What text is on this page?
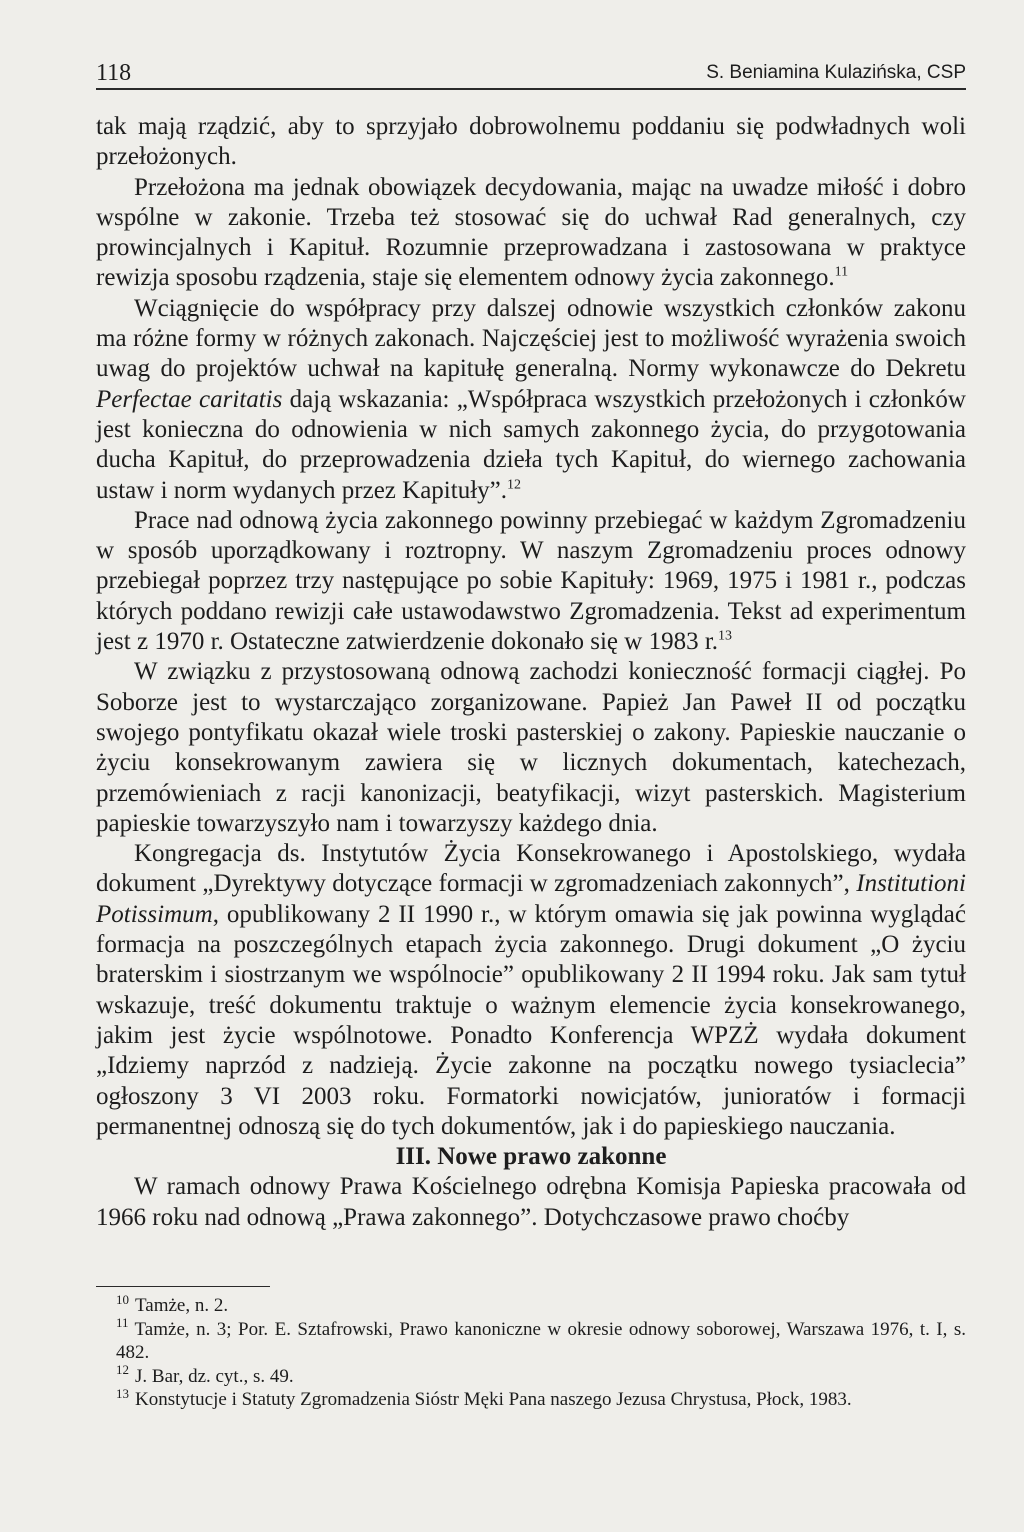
118	S. Beniamina Kulazińska, CSP

tak mają rządzić, aby to sprzyjało dobrowolnemu poddaniu się podwładnych woli przełożonych.

Przełożona ma jednak obowiązek decydowania, mając na uwadze miłość i dobro wspólne w zakonie. Trzeba też stosować się do uchwał Rad generalnych, czy prowincjalnych i Kapituł. Rozumnie przeprowadzana i zastosowana w praktyce rewizja sposobu rządzenia, staje się elementem odnowy życia zakonnego.$^{11}$

Wciągnięcie do współpracy przy dalszej odnowie wszystkich członków zakonu ma różne formy w różnych zakonach. Najczęściej jest to możliwość wyrażenia swoich uwag do projektów uchwał na kapitułę generalną. Normy wykonawcze do Dekretu Perfectae caritatis dają wskazania: „Współpraca wszystkich przełożonych i członków jest konieczna do odnowienia w nich samych zakonnego życia, do przygotowania ducha Kapituł, do przeprowadzenia dzieła tych Kapituł, do wiernego zachowania ustaw i norm wydanych przez Kapituły”.$^{12}$

Prace nad odnową życia zakonnego powinny przebiegać w każdym Zgromadzeniu w sposób uporządkowany i roztropny. W naszym Zgromadzeniu proces odnowy przebiegał poprzez trzy następujące po sobie Kapituły: 1969, 1975 i 1981 r., podczas których poddano rewizji całe ustawodawstwo Zgromadzenia. Tekst ad experimentum jest z 1970 r. Ostateczne zatwierdzenie dokonało się w 1983 r.$^{13}$

W związku z przystosowaną odnową zachodzi konieczność formacji ciągłej. Po Soborze jest to wystarczająco zorganizowane. Papież Jan Paweł II od początku swojego pontyfikatu okazał wiele troski pasterskiej o zakony. Papieskie nauczanie o życiu konsekrowanym zawiera się w licznych dokumentach, katechezach, przemówieniach z racji kanonizacji, beatyfikacji, wizyt pasterskich. Magisterium papieskie towarzyszyło nam i towarzyszy każdego dnia.

Kongregacja ds. Instytutów Życia Konsekrowanego i Apostolskiego, wydała dokument „Dyrektywy dotyczące formacji w zgromadzeniach zakonnych”, Institutioni Potissimum, opublikowany 2 II 1990 r., w którym omawia się jak powinna wyglądać formacja na poszczególnych etapach życia zakonnego. Drugi dokument „O życiu braterskim i siostrzanym we wspólnocie” opublikowany 2 II 1994 roku. Jak sam tytuł wskazuje, treść dokumentu traktuje o ważnym elemencie życia konsekrowanego, jakim jest życie wspólnotowe. Ponadto Konferencja WPZŻ wydała dokument „Idziemy naprzód z nadzieją. Życie zakonne na początku nowego tysiaclecia” ogłoszony 3 VI 2003 roku. Formatorki nowicjatów, junioratów i formacji permanentnej odnoszą się do tych dokumentów, jak i do papieskiego nauczania.

III. Nowe prawo zakonne

W ramach odnowy Prawa Kościelnego odrębna Komisja Papieska pracowała od 1966 roku nad odnową „Prawa zakonnego”. Dotychczasowe prawo choćby

$^{10}$ Tamże, n. 2.

$^{11}$ Tamże, n. 3; Por. E. Sztafrowski, Prawo kanoniczne w okresie odnowy soborowej, Warszawa 1976, t. I, s. 482.

$^{12}$ J. Bar, dz. cyt., s. 49.

$^{13}$ Konstytucje i Statuty Zgromadzenia Sióstr Męki Pana naszego Jezusa Chrystusa, Płock, 1983.
